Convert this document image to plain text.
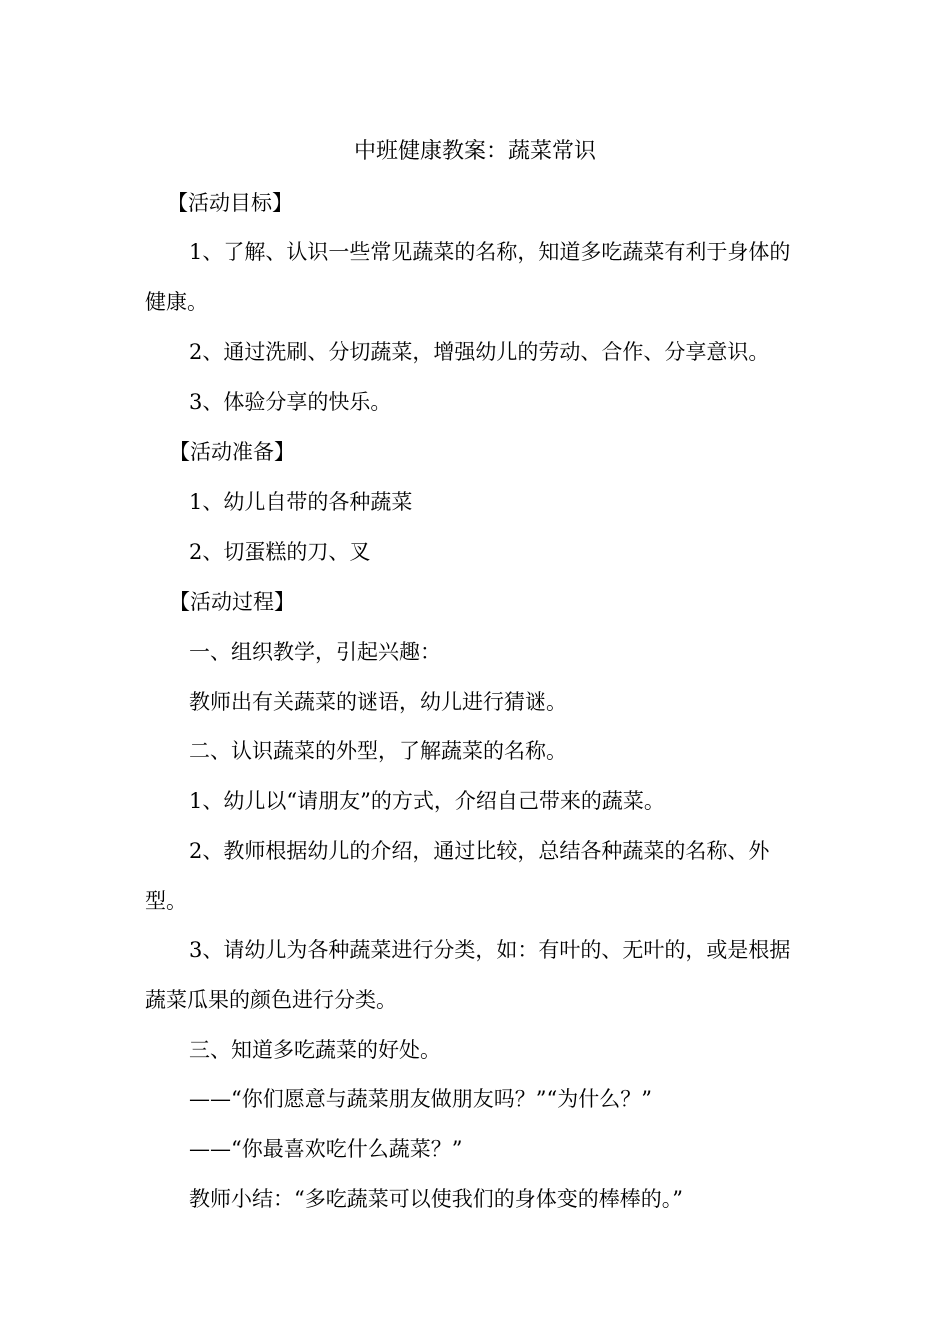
中班健康教案：蔬菜常识

【活动目标】

1、了解、认识一些常见蔬菜的名称，知道多吃蔬菜有利于身体的健康。

2、通过洗刷、分切蔬菜，增强幼儿的劳动、合作、分享意识。

3、体验分享的快乐。

【活动准备】

1、幼儿自带的各种蔬菜

2、切蛋糕的刀、叉

【活动过程】

一、组织教学，引起兴趣：

教师出有关蔬菜的谜语，幼儿进行猜谜。

二、认识蔬菜的外型，了解蔬菜的名称。

1、幼儿以“请朋友”的方式，介绍自己带来的蔬菜。

2、教师根据幼儿的介绍，通过比较，总结各种蔬菜的名称、外型。

3、请幼儿为各种蔬菜进行分类，如：有叶的、无叶的，或是根据蔬菜瓜果的颜色进行分类。

三、知道多吃蔬菜的好处。

——“你们愿意与蔬菜朋友做朋友吗？”“为什么？”

——“你最喜欢吃什么蔬菜？”

教师小结：“多吃蔬菜可以使我们的身体变的棒棒的。”
